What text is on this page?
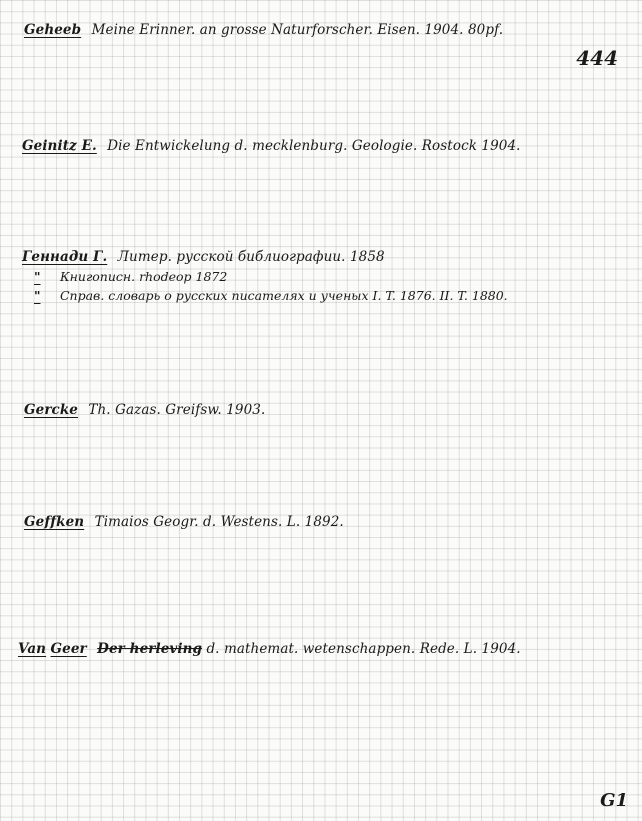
444
Geheeb Meine Erinner. an grosse Naturforscher. Eisen. 1904. 80pf.
Geinitz E. Die Entwickelung d. mecklenburg. Geologie. Rostock 1904.
Геннади Г. Литер. русской библиографии. 1858
" Книгописн. rhodeop 1872
" Справ. словарь о русских писателях и ученых I. T. 1876. II. T. 1880.
Gercke Th. Gazas. Greifsw. 1903.
Geffken Timaios Geogr. d. Westens. L. 1892.
Van Geer Der herleving d. mathemat. wetenschappen. Rede. L. 1904.
G1
